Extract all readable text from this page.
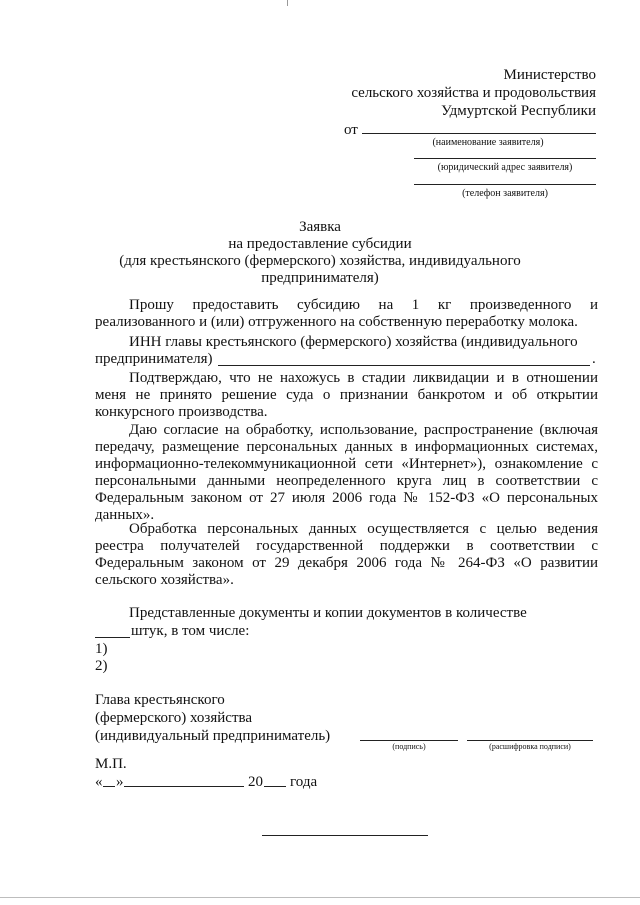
Министерство
сельского хозяйства и продовольствия
Удмуртской Республики
от
(наименование заявителя)
(юридический адрес заявителя)
(телефон заявителя)
Заявка
на предоставление субсидии
(для крестьянского (фермерского) хозяйства, индивидуального
предпринимателя)
Прошу предоставить субсидию на 1 кг произведенного и реализованного и (или) отгруженного на собственную переработку молока.
ИНН главы крестьянского (фермерского) хозяйства (индивидуального
предпринимателя)	.
Подтверждаю, что не нахожусь в стадии ликвидации и в отношении меня не принято решение суда о признании банкротом и об открытии конкурсного производства.
Даю согласие на обработку, использование, распространение (включая передачу, размещение персональных данных в информационных системах, информационно-телекоммуникационной сети «Интернет»), ознакомление с персональными данными неопределенного круга лиц в соответствии с Федеральным законом от 27 июля 2006 года № 152-ФЗ «О персональных данных».
Обработка персональных данных осуществляется с целью ведения реестра получателей государственной поддержки в соответствии с Федеральным законом от 29 декабря 2006 года № 264-ФЗ «О развитии сельского хозяйства».
Представленные документы и копии документов в количестве
штук, в том числе:
1)
2)
Глава крестьянского
(фермерского) хозяйства
(индивидуальный предприниматель)
(подпись)	(расшифровка подписи)
М.П.
« »	20 года
